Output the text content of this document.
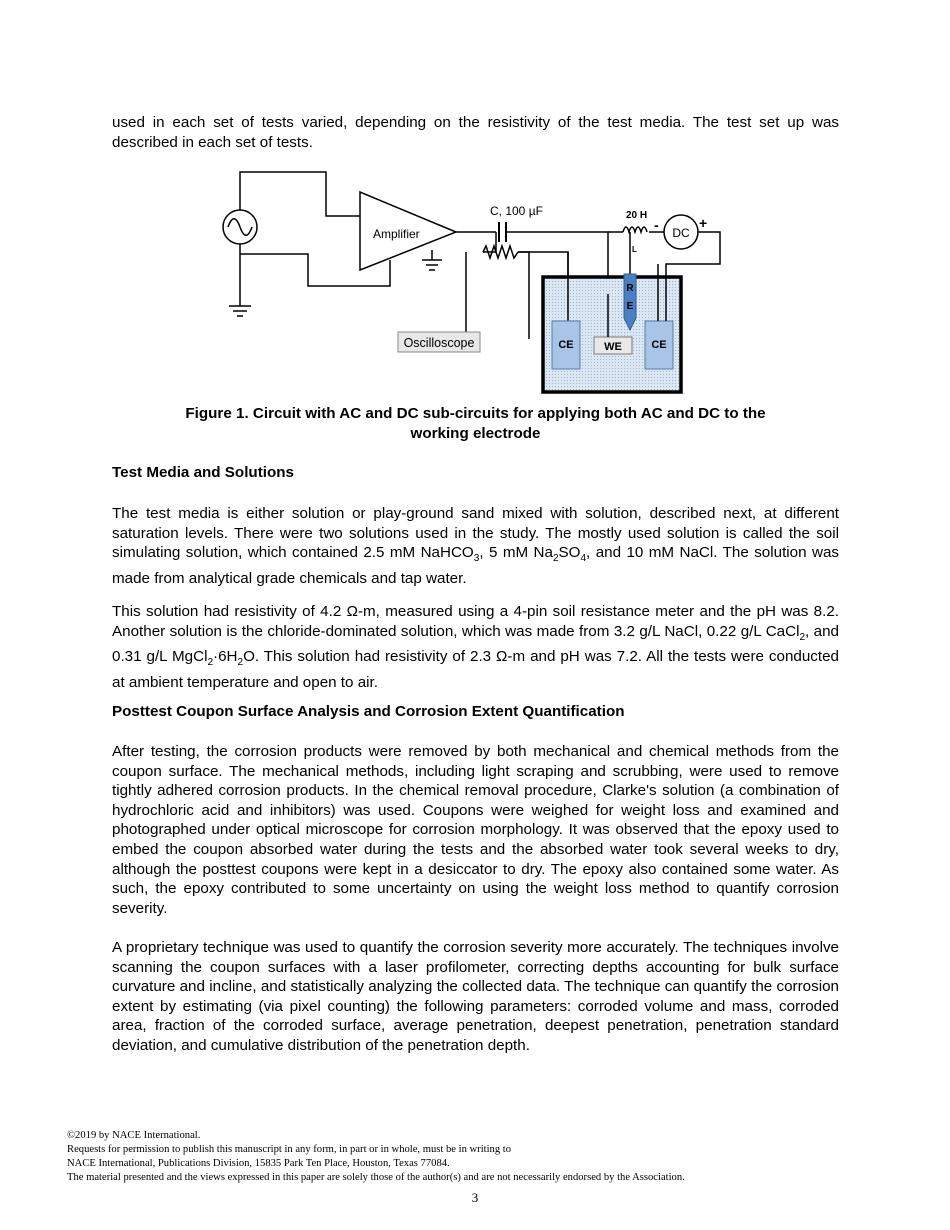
used in each set of tests varied, depending on the resistivity of the test media. The test set up was described in each set of tests.

Amplifier
C, 100 µF	20 H
L
- DC
+
Oscilloscope	CE	WE
R
E
CE
Figure 1. Circuit with AC and DC sub-circuits for applying both AC and DC to the
working electrode

Test Media and Solutions

The test media is either solution or play-ground sand mixed with solution, described next, at different saturation levels. There were two solutions used in the study. The mostly used solution is called the soil simulating solution, which contained 2.5 mM NaHCO$_3$, 5 mM $Na_2SO_4$, and 10 mM NaCl. The solution was made from analytical grade chemicals and tap water.

This solution had resistivity of 4.2 Ω-m, measured using a 4-pin soil resistance meter and the pH was 8.2. Another solution is the chloride-dominated solution, which was made from 3.2 g/L NaCl, 0.22 g/L CaCl$_2$, and 0.31 g/L $MgCl_2\cdot 6H_2O$. This solution had resistivity of 2.3 Ω-m and pH was 7.2. All the tests were conducted at ambient temperature and open to air.

Posttest Coupon Surface Analysis and Corrosion Extent Quantification

After testing, the corrosion products were removed by both mechanical and chemical methods from the coupon surface. The mechanical methods, including light scraping and scrubbing, were used to remove tightly adhered corrosion products. In the chemical removal procedure, Clarke's solution (a combination of hydrochloric acid and inhibitors) was used. Coupons were weighed for weight loss and examined and photographed under optical microscope for corrosion morphology. It was observed that the epoxy used to embed the coupon absorbed water during the tests and the absorbed water took several weeks to dry, although the posttest coupons were kept in a desiccator to dry. The epoxy also contained some water. As such, the epoxy contributed to some uncertainty on using the weight loss method to quantify corrosion severity.

A proprietary technique was used to quantify the corrosion severity more accurately. The techniques involve scanning the coupon surfaces with a laser profilometer, correcting depths accounting for bulk surface curvature and incline, and statistically analyzing the collected data. The technique can quantify the corrosion extent by estimating (via pixel counting) the following parameters: corroded volume and mass, corroded area, fraction of the corroded surface, average penetration, deepest penetration, penetration standard deviation, and cumulative distribution of the penetration depth.

©2019 by NACE International.
Requests for permission to publish this manuscript in any form, in part or in whole, must be in writing to
NACE International, Publications Division, 15835 Park Ten Place, Houston, Texas 77084.
The material presented and the views expressed in this paper are solely those of the author(s) and are not necessarily endorsed by the Association.
3
